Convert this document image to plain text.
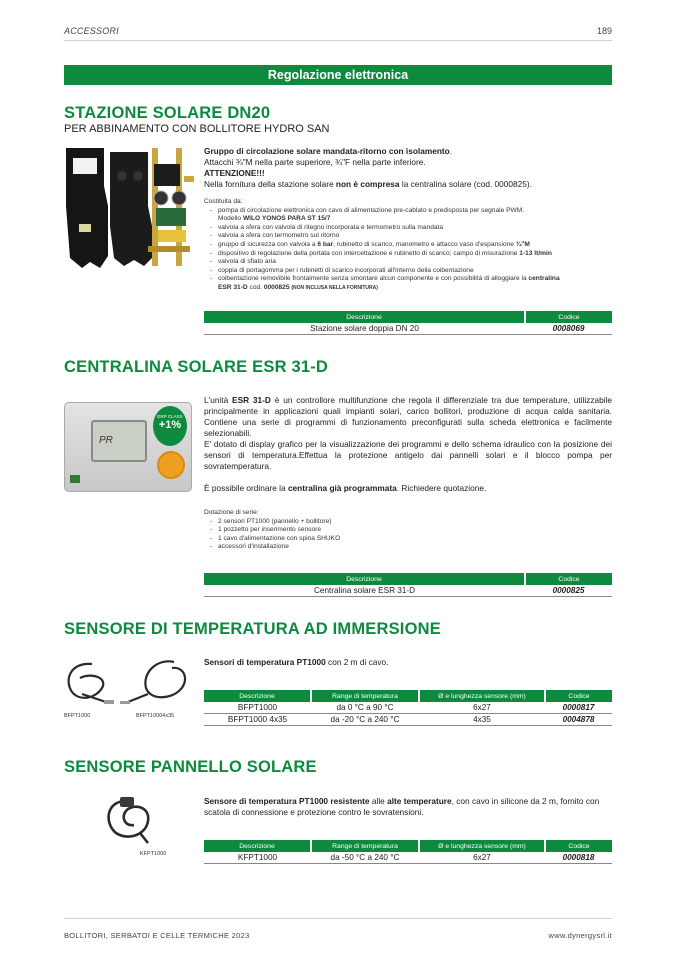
ACCESSORI	189
Regolazione elettronica
STAZIONE SOLARE DN20
PER ABBINAMENTO CON BOLLITORE HYDRO SAN
Gruppo di circolazione solare mandata-ritorno con isolamento.
Attacchi ¾"M nella parte superiore, ¾"F nella parte inferiore.
ATTENZIONE!!!
Nella fornitura della stazione solare non è compresa la centralina solare (cod. 0000825).
Costituita da:
- pompa di circolazione elettronica con cavo di alimentazione pre-cablato e predisposta per segnale PWM.
Modello WILO YONOS PARA ST 15/7
- valvola a sfera con valvola di ritegno incorporata e termometro sulla mandata
- valvola a sfera con termometro sul ritorno
- gruppo di sicurezza con valvola a 6 bar, rubinetto di scarico, manometro e attacco vaso d'espansione ¾"M
- dispositivo di regolazione della portata con intercettazione e rubinetto di scarico; campo di misurazione 1-13 lt/min
- valvola di sfiato aria
- coppia di portagomma per i rubinetti di scarico incorporati all'interno della coibentazione
- coibentazione removibile frontalmente senza smontare alcun componente e con possibilità di alloggiare la centralina
ESR 31-D cod. 0000825 (NON INCLUSA NELLA FORNITURA)
Descrizione	Codice
Stazione solare doppia DN 20	0008069
CENTRALINA SOLARE ESR 31-D
PR
ERP CLASS
+1%
L'unità ESR 31-D è un controllore multifunzione che regola il differenziale tra due temperature, utilizzabile principalmente in applicazioni quali impianti solari, carico bollitori, produzione di acqua calda sanitaria. Contiene una serie di programmi di funzionamento preconfigurati sulla scheda elettronica e facilmente selezionabili.
E' dotato di display grafico per la visualizzazione dei programmi e dello schema idraulico con la posizione dei sensori di temperatura.Effettua la protezione antigelo dai pannelli solari e il blocco pompa per sovratemperatura.
È possibile ordinare la centralina già programmata. Richiedere quotazione.
Dotazione di serie:
- 2 sensori PT1000 (pannello + bollitore)
- 1 pozzetto per inserimento sensore
- 1 cavo d'alimentazione con spina SHUKO
- accessori d'installazione
Descrizione	Codice
Centralina solare ESR 31-D	0000825
SENSORE DI TEMPERATURA AD IMMERSIONE
BFPT1000	BFPT10004x35
Sensori di temperatura PT1000 con 2 m di cavo.
Descrizione	Range di temperatura	Ø e lunghezza sensore (mm)	Codice
BFPT1000	da 0 °C a 90 °C	6x27	0000817
BFPT1000 4x35	da -20 °C a 240 °C	4x35	0004878
SENSORE PANNELLO SOLARE
KFPT1000
Sensore di temperatura PT1000 resistente alle alte temperature, con cavo in silicone da 2 m, fornito con scatola di connessione e protezione contro le sovratensioni.
Descrizione	Range di temperatura	Ø e lunghezza sensore (mm)	Codice
KFPT1000	da -50 °C a 240 °C	6x27	0000818
BOLLITORI, SERBATOI E CELLE TERMICHE 2023	www.dynergysrl.it
